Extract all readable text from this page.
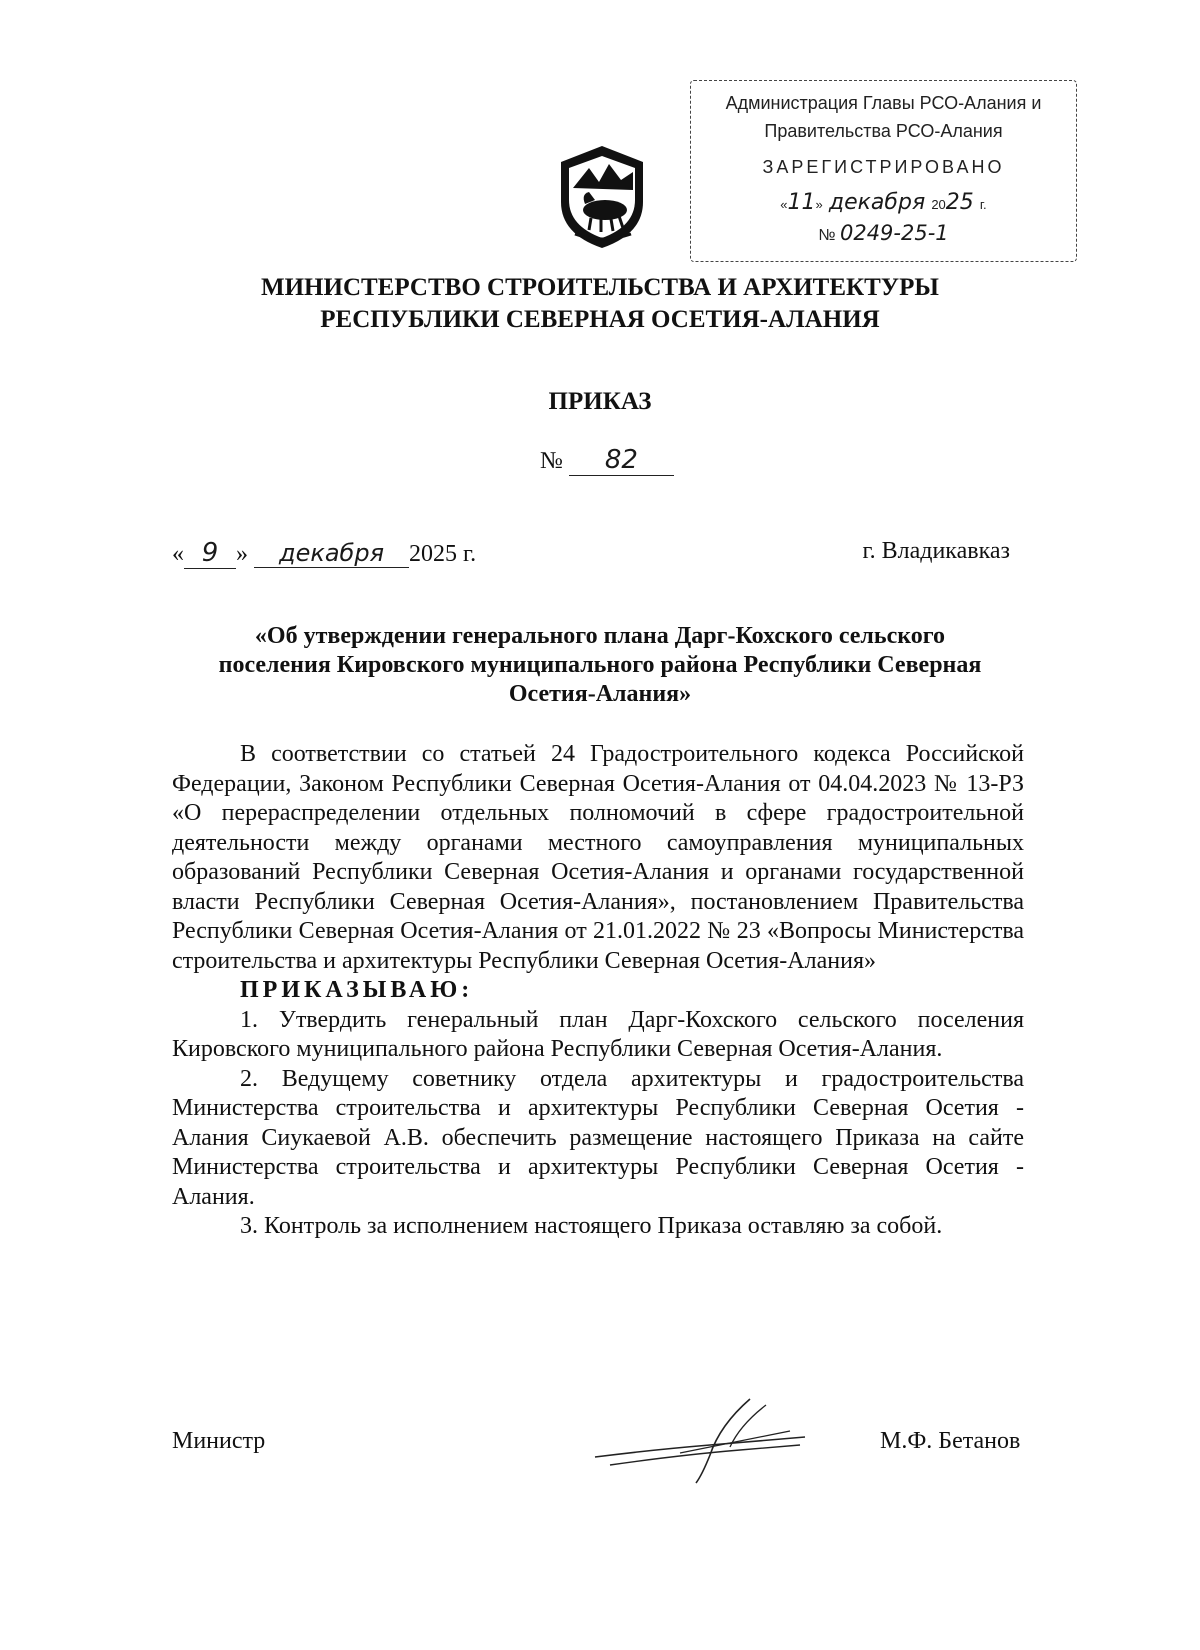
Администрация Главы РСО-Алания и
Правительства РСО-Алания
ЗАРЕГИСТРИРОВАНО
«11» декабря 2025 г.
№ 0249-25-1
МИНИСТЕРСТВО СТРОИТЕЛЬСТВА И АРХИТЕКТУРЫ
РЕСПУБЛИКИ СЕВЕРНАЯ ОСЕТИЯ-АЛАНИЯ
ПРИКАЗ
№ 82
« 9 » декабря 2025 г.	г. Владикавказ
«Об утверждении генерального плана Дарг-Кохского сельского
поселения Кировского муниципального района Республики Северная
Осетия-Алания»

В соответствии со статьей 24 Градостроительного кодекса Российской Федерации, Законом Республики Северная Осетия-Алания от 04.04.2023 № 13-РЗ «О перераспределении отдельных полномочий в сфере градостроительной деятельности между органами местного самоуправления муниципальных образований Республики Северная Осетия-Алания и органами государственной власти Республики Северная Осетия-Алания», постановлением Правительства Республики Северная Осетия-Алания от 21.01.2022 № 23 «Вопросы Министерства строительства и архитектуры Республики Северная Осетия-Алания»

ПРИКАЗЫВАЮ:

1. Утвердить генеральный план Дарг-Кохского сельского поселения Кировского муниципального района Республики Северная Осетия-Алания.

2. Ведущему советнику отдела архитектуры и градостроительства Министерства строительства и архитектуры Республики Северная Осетия - Алания Сиукаевой А.В. обеспечить размещение настоящего Приказа на сайте Министерства строительства и архитектуры Республики Северная Осетия - Алания.

3. Контроль за исполнением настоящего Приказа оставляю за собой.

Министр	М.Ф. Бетанов
